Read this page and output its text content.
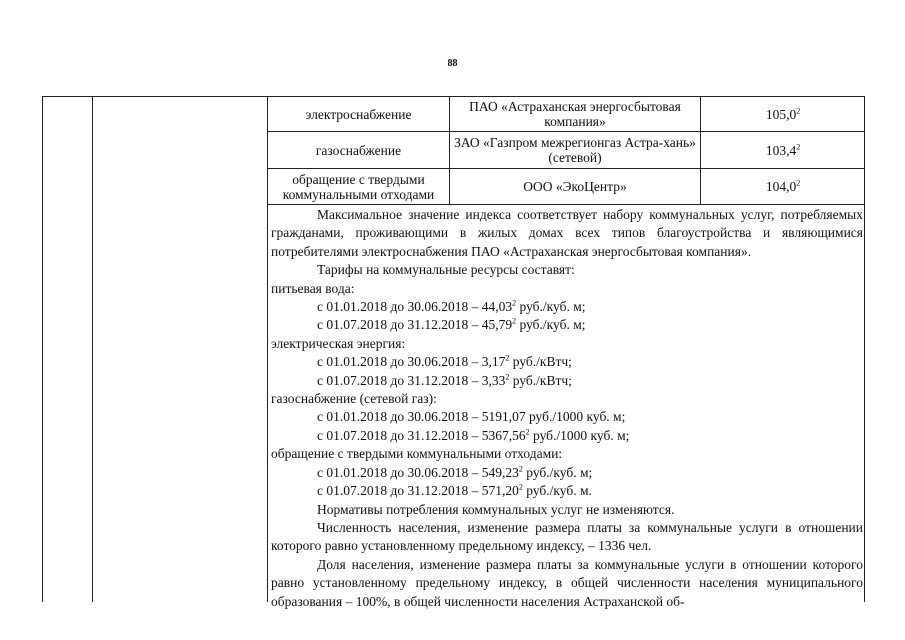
88
электроснабжение	ПАО «Астраханская энергосбытовая компания»	105,0$^2$
газоснабжение	ЗАО «Газпром межрегионгаз Астра-хань» (сетевой)	103,4$^2$
обращение с твердыми коммунальными отходами	ООО «ЭкоЦентр»	104,0$^2$

Максимальное значение индекса соответствует набору коммунальных услуг, потребляемых гражданами, проживающими в жилых домах всех типов благоустройства и являющимися потребителями электроснабжения ПАО «Астраханская энергосбытовая компания».

Тарифы на коммунальные ресурсы составят:

питьевая вода:

с 01.01.2018 до 30.06.2018 – 44,03$^2$ руб./куб. м;

с 01.07.2018 до 31.12.2018 – 45,79$^2$ руб./куб. м;

электрическая энергия:

с 01.01.2018 до 30.06.2018 – 3,17$^2$ руб./кВтч;

с 01.07.2018 до 31.12.2018 – 3,33$^2$ руб./кВтч;

газоснабжение (сетевой газ):

с 01.01.2018 до 30.06.2018 – 5191,07 руб./1000 куб. м;

с 01.07.2018 до 31.12.2018 – 5367,56$^2$ руб./1000 куб. м;

обращение с твердыми коммунальными отходами:

с 01.01.2018 до 30.06.2018 – 549,23$^2$ руб./куб. м;

с 01.07.2018 до 31.12.2018 – 571,20$^2$ руб./куб. м.

Нормативы потребления коммунальных услуг не изменяются.

Численность населения, изменение размера платы за коммунальные услуги в отношении которого равно установленному предельному индексу, – 1336 чел.

Доля населения, изменение размера платы за коммунальные услуги в отношении которого равно установленному предельному индексу, в общей численности населения муниципального образования – 100%, в общей численности населения Астраханской об-
